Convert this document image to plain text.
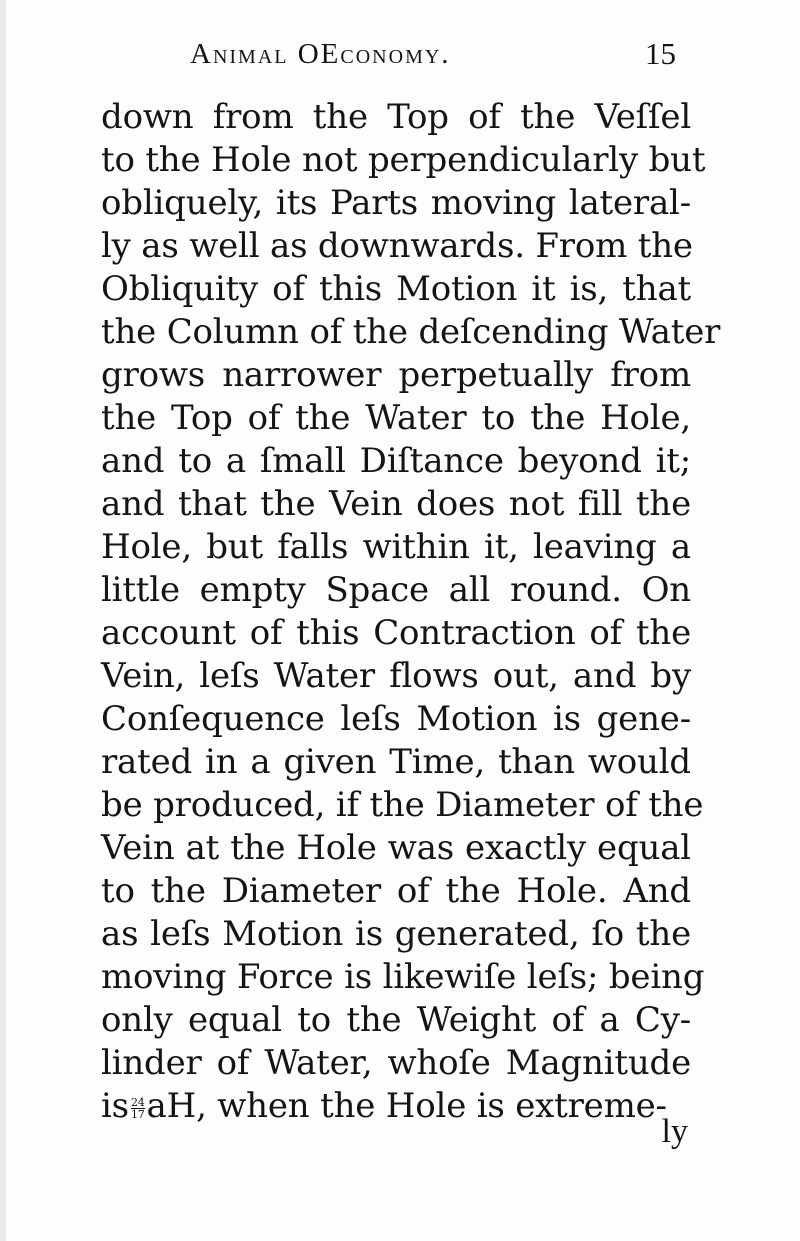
Animal OEconomy.	15
down from the Top of the Veſſel
to the Hole not perpendicularly but
obliquely, its Parts moving lateral-
ly as well as downwards. From the
Obliquity of this Motion it is, that
the Column of the deſcending Water
grows narrower perpetually from
the Top of the Water to the Hole,
and to a ſmall Diſtance beyond it;
and that the Vein does not fill the
Hole, but falls within it, leaving a
little empty Space all round. On
account of this Contraction of the
Vein, leſs Water flows out, and by
Conſequence leſs Motion is gene-
rated in a given Time, than would
be produced, if the Diameter of the
Vein at the Hole was exactly equal
to the Diameter of the Hole. And
as leſs Motion is generated, ſo the
moving Force is likewiſe leſs; being
only equal to the Weight of a Cy-
linder of Water, whoſe Magnitude
is $\frac{24}{17}$ aH, when the Hole is extreme-
ly
